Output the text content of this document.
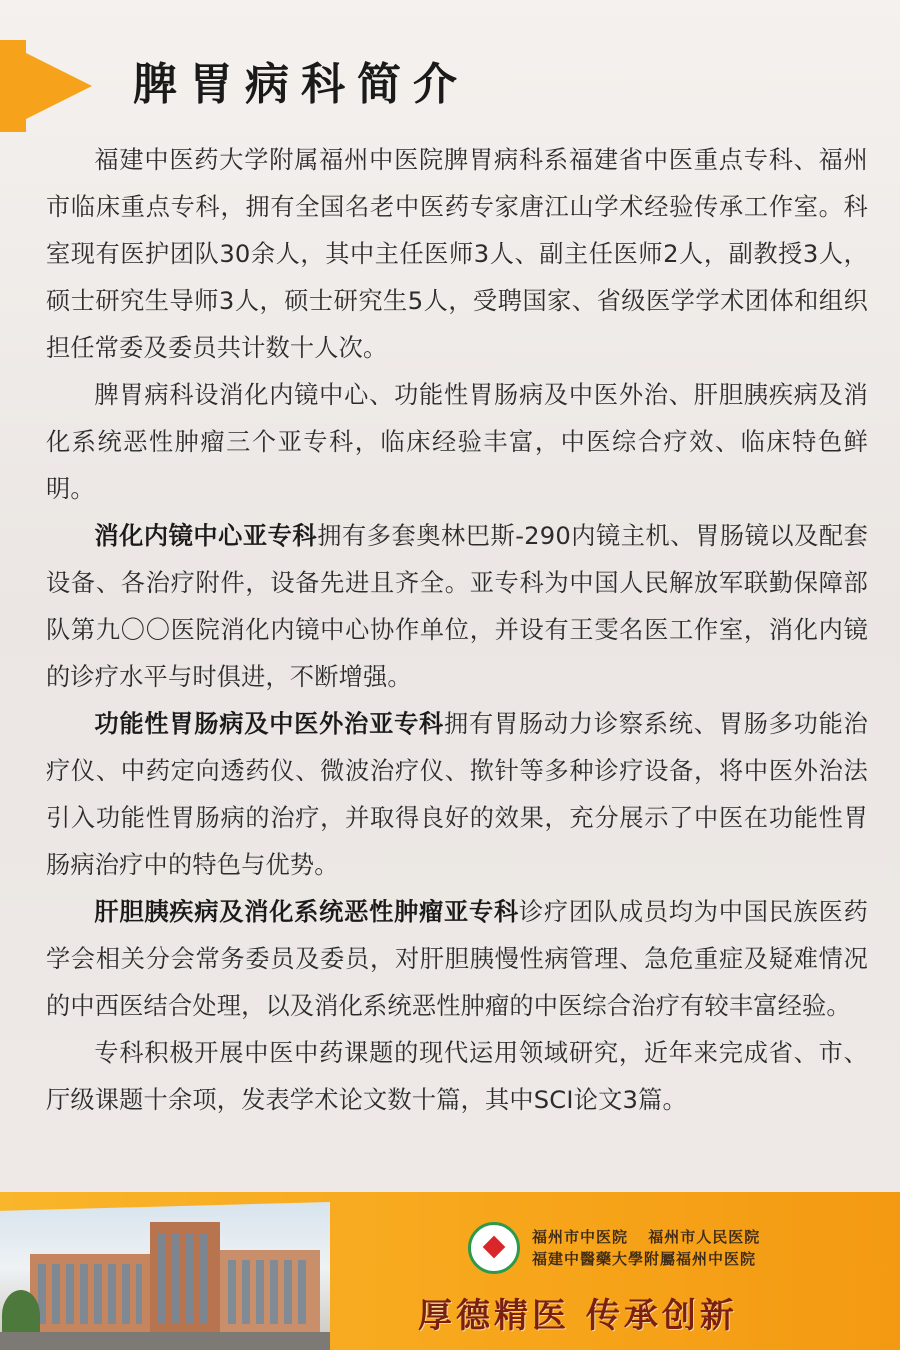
脾胃病科简介

福建中医药大学附属福州中医院脾胃病科系福建省中医重点专科、福州市临床重点专科，拥有全国名老中医药专家唐江山学术经验传承工作室。科室现有医护团队30余人，其中主任医师3人、副主任医师2人，副教授3人，硕士研究生导师3人，硕士研究生5人，受聘国家、省级医学学术团体和组织担任常委及委员共计数十人次。

脾胃病科设消化内镜中心、功能性胃肠病及中医外治、肝胆胰疾病及消化系统恶性肿瘤三个亚专科，临床经验丰富，中医综合疗效、临床特色鲜明。

消化内镜中心亚专科拥有多套奥林巴斯-290内镜主机、胃肠镜以及配套设备、各治疗附件，设备先进且齐全。亚专科为中国人民解放军联勤保障部队第九〇〇医院消化内镜中心协作单位，并设有王雯名医工作室，消化内镜的诊疗水平与时俱进，不断增强。

功能性胃肠病及中医外治亚专科拥有胃肠动力诊察系统、胃肠多功能治疗仪、中药定向透药仪、微波治疗仪、揿针等多种诊疗设备，将中医外治法引入功能性胃肠病的治疗，并取得良好的效果，充分展示了中医在功能性胃肠病治疗中的特色与优势。

肝胆胰疾病及消化系统恶性肿瘤亚专科诊疗团队成员均为中国民族医药学会相关分会常务委员及委员，对肝胆胰慢性病管理、急危重症及疑难情况的中西医结合处理，以及消化系统恶性肿瘤的中医综合治疗有较丰富经验。

专科积极开展中医中药课题的现代运用领域研究，近年来完成省、市、厅级课题十余项，发表学术论文数十篇，其中SCI论文3篇。

福州市中医院 福州市人民医院
福建中醫藥大學附屬福州中医院
厚德精医 传承创新
